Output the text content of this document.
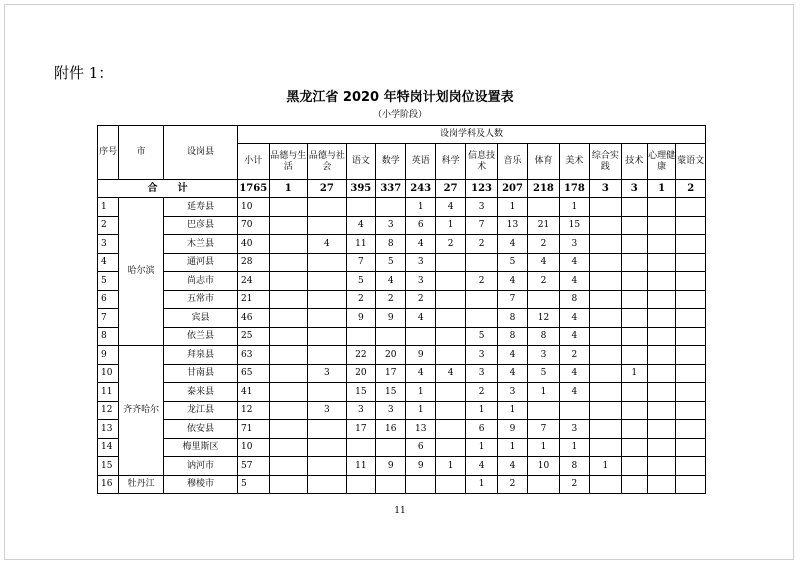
附件 1：
黑龙江省 2020 年特岗计划岗位设置表
（小学阶段）
序号	市	设岗县	设岗学科及人数														
			小计	品德与生活	品德与社会	语文	数学	英语	科学	信息技术	音乐	体育	美术	综合实践	技术	心理健康	蒙语文
合　　计			1765	1	27	395	337	243	27	123	207	218	178	3	3	1	2
1	哈尔滨	延寿县	10					1	4	3	1		1				
2		巴彦县	70			4	3	6	1	7	13	21	15				
3		木兰县	40		4	11	8	4	2	2	4	2	3				
4		通河县	28			7	5	3			5	4	4				
5		尚志市	24			5	4	3		2	4	2	4				
6		五常市	21			2	2	2			7		8				
7		宾县	46			9	9	4			8	12	4				
8		依兰县	25							5	8	8	4				
9	齐齐哈尔	拜泉县	63			22	20	9		3	4	3	2				
10		甘南县	65		3	20	17	4	4	3	4	5	4		1		
11		泰来县	41			15	15	1		2	3	1	4				
12		龙江县	12		3	3	3	1		1	1						
13		依安县	71			17	16	13		6	9	7	3				
14		梅里斯区	10					6		1	1	1	1				
15		讷河市	57			11	9	9	1	4	4	10	8	1			
16	牡丹江	穆棱市	5							1	2		2				
11
